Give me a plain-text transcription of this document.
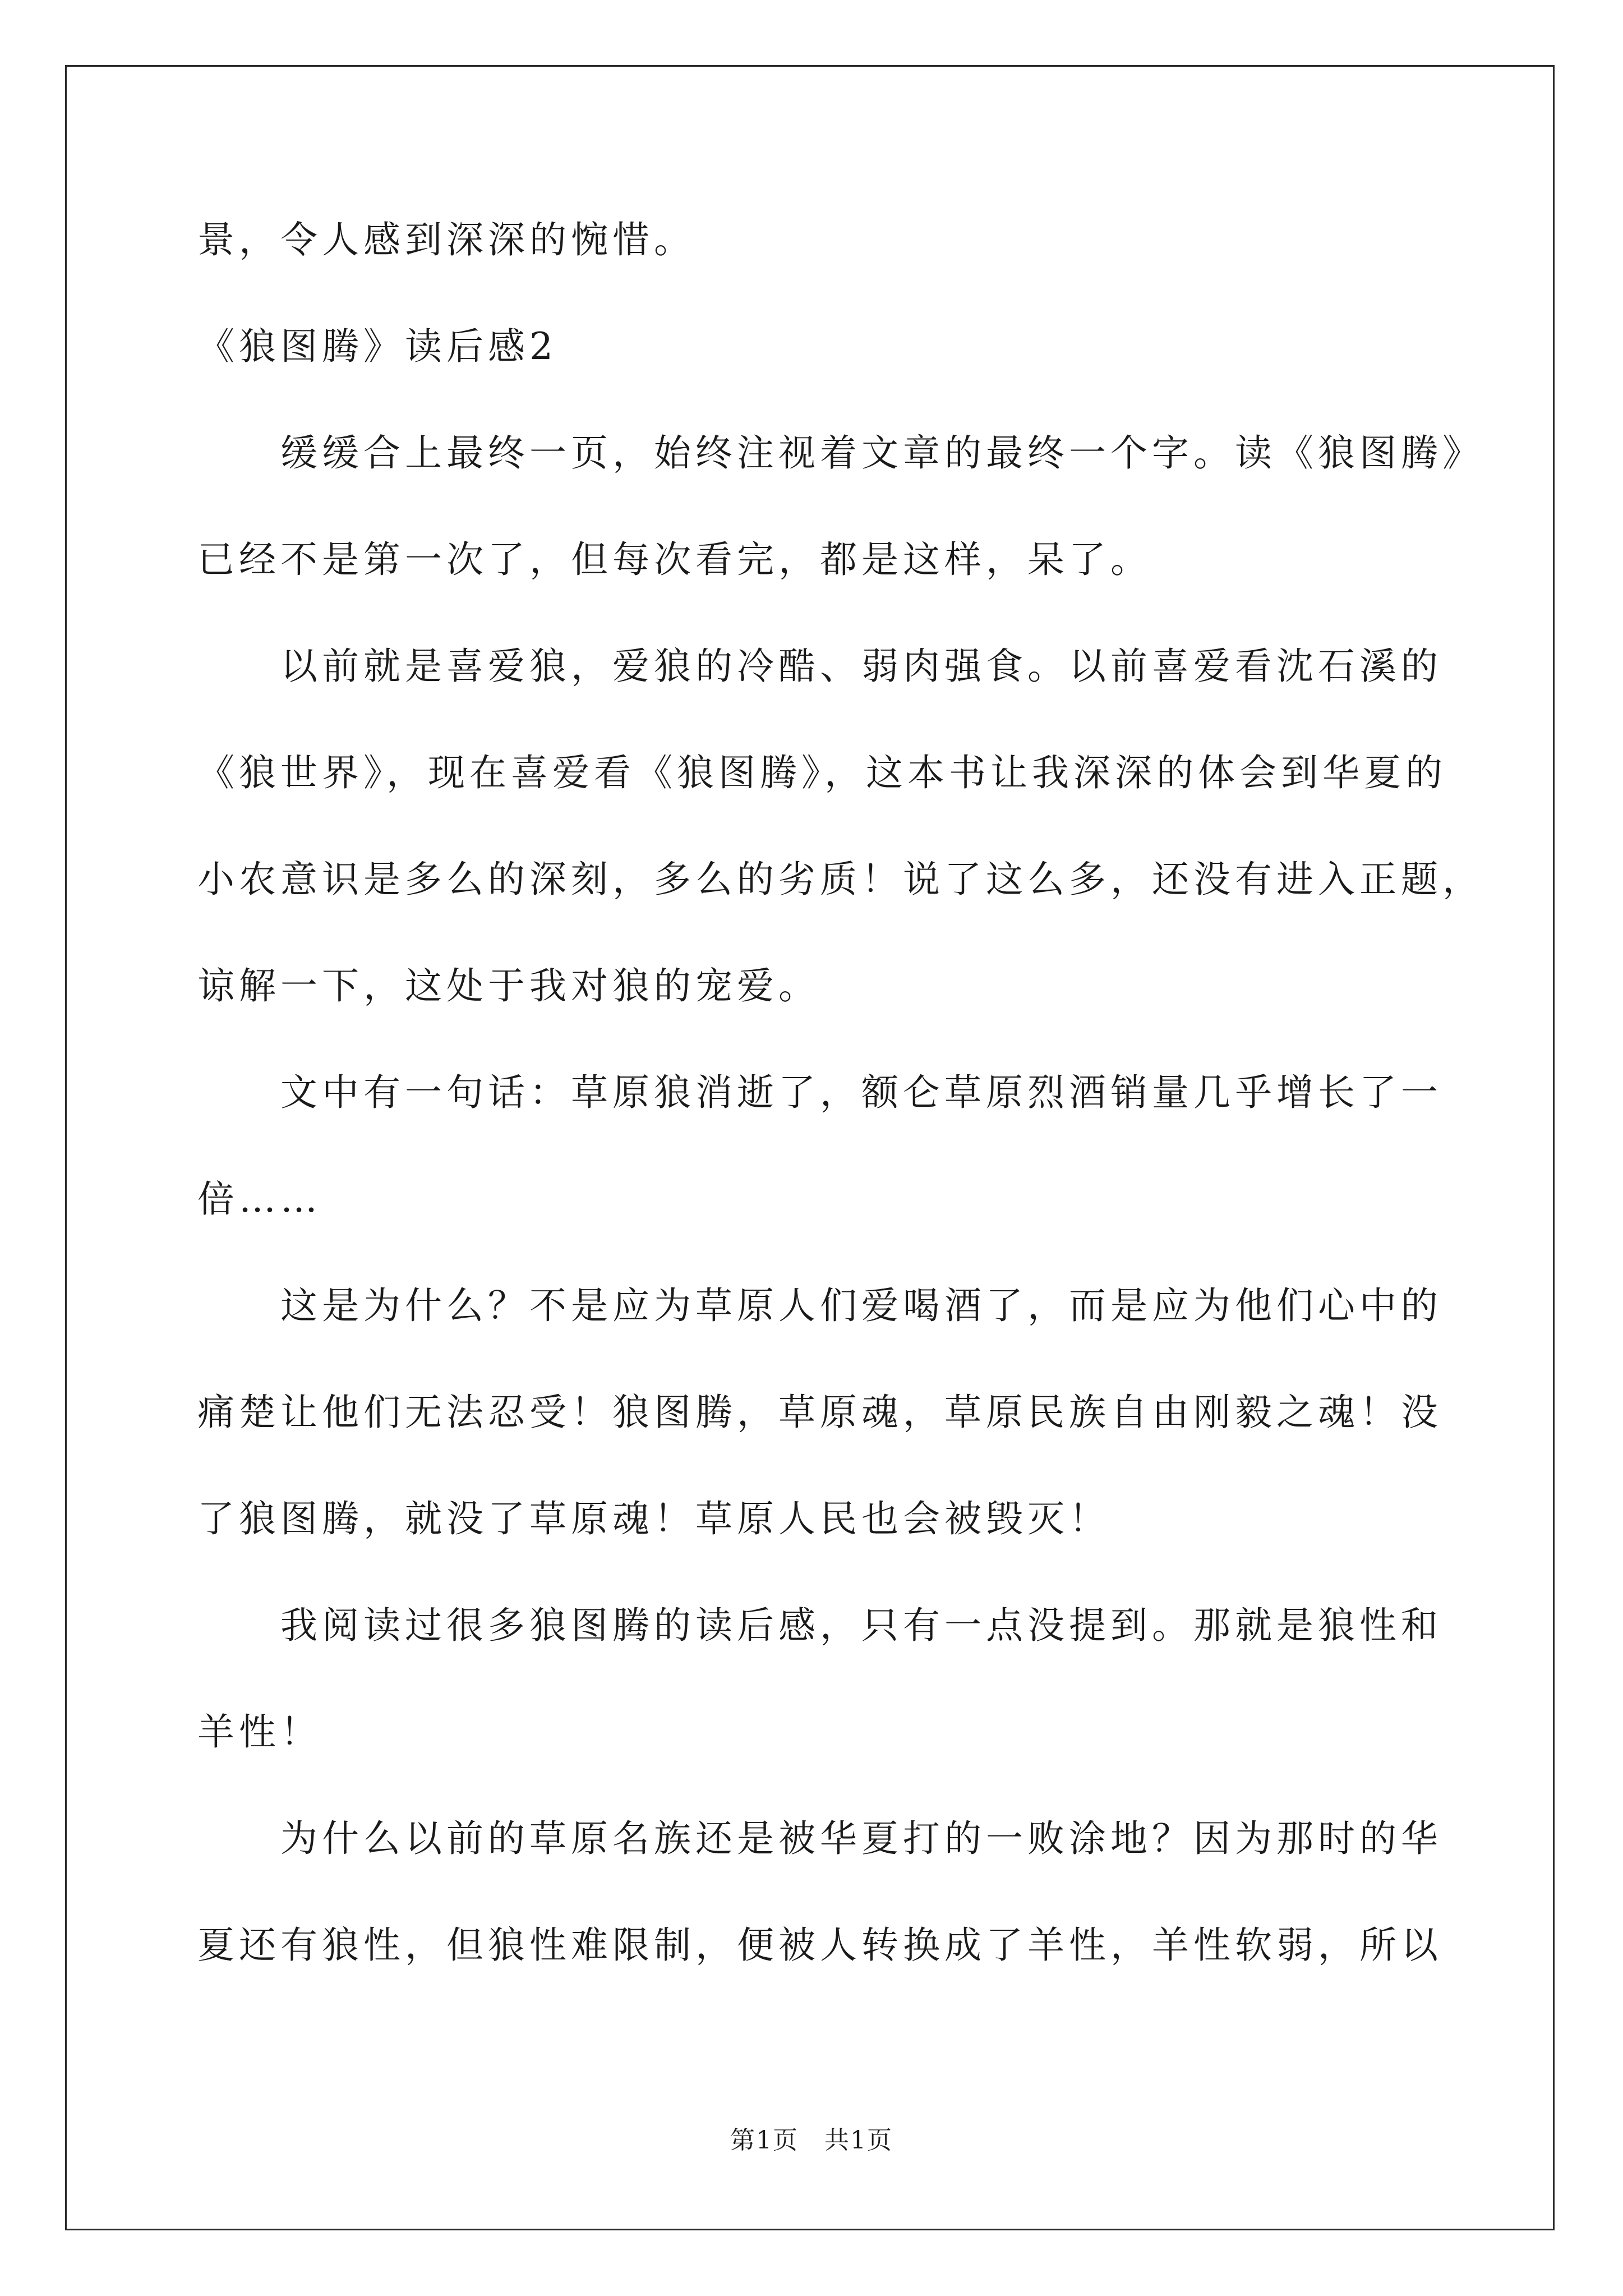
景，令人感到深深的惋惜。

《狼图腾》读后感2

缓缓合上最终一页，始终注视着文章的最终一个字。读《狼图腾》

已经不是第一次了，但每次看完，都是这样，呆了。

以前就是喜爱狼，爱狼的冷酷、弱肉强食。以前喜爱看沈石溪的

《狼世界》，现在喜爱看《狼图腾》，这本书让我深深的体会到华夏的

小农意识是多么的深刻，多么的劣质！说了这么多，还没有进入正题，

谅解一下，这处于我对狼的宠爱。

文中有一句话：草原狼消逝了，额仑草原烈酒销量几乎增长了一

倍……

这是为什么？不是应为草原人们爱喝酒了，而是应为他们心中的

痛楚让他们无法忍受！狼图腾，草原魂，草原民族自由刚毅之魂！没

了狼图腾，就没了草原魂！草原人民也会被毁灭！

我阅读过很多狼图腾的读后感，只有一点没提到。那就是狼性和

羊性！

为什么以前的草原名族还是被华夏打的一败涂地？因为那时的华

夏还有狼性，但狼性难限制，便被人转换成了羊性，羊性软弱，所以

第1页　共1页
